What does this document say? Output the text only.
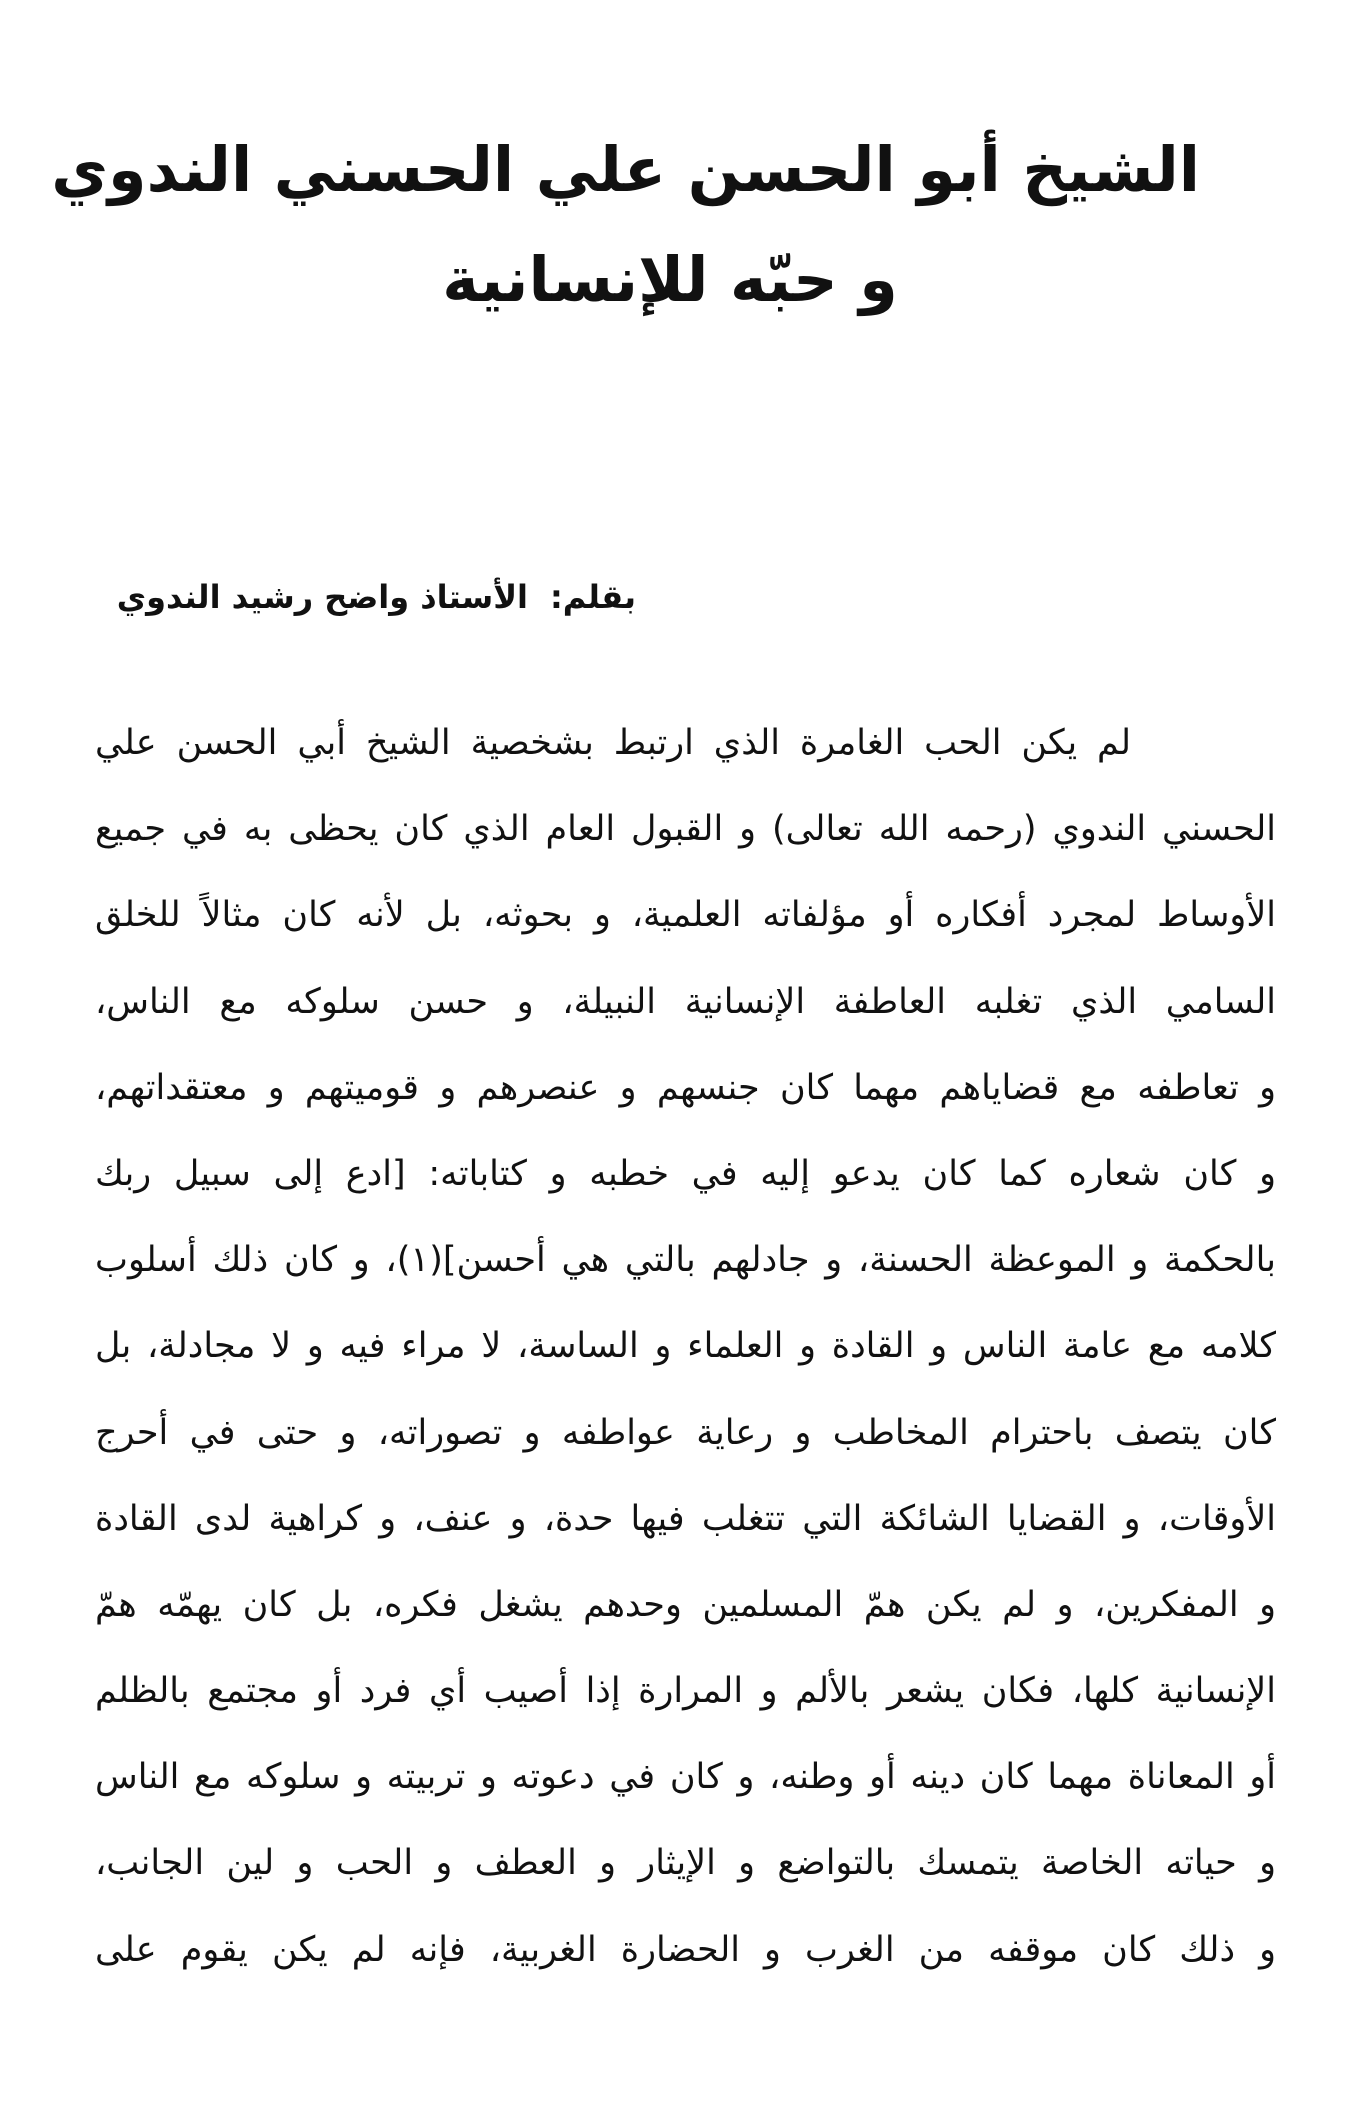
الشيخ أبو الحسن علي الحسني الندوي
و حبّه للإنسانية
بقلم:الأستاذ واضح رشيد الندوي
لم يكن الحب الغامرة الذي ارتبط بشخصية الشيخ أبي الحسن علي
الحسني الندوي (رحمه الله تعالى) و القبول العام الذي كان يحظى به في جميع
الأوساط لمجرد أفكاره أو مؤلفاته العلمية، و بحوثه، بل لأنه كان مثالاً للخلق
السامي الذي تغلبه العاطفة الإنسانية النبيلة، و حسن سلوكه مع الناس،
و تعاطفه مع قضاياهم مهما كان جنسهم و عنصرهم و قوميتهم و معتقداتهم،
و كان شعاره كما كان يدعو إليه في خطبه و كتاباته: [ادع إلى سبيل ربك
بالحكمة و الموعظة الحسنة، و جادلهم بالتي هي أحسن](١)، و كان ذلك أسلوب
كلامه مع عامة الناس و القادة و العلماء و الساسة، لا مراء فيه و لا مجادلة، بل
كان يتصف باحترام المخاطب و رعاية عواطفه و تصوراته، و حتى في أحرج
الأوقات، و القضايا الشائكة التي تتغلب فيها حدة، و عنف، و كراهية لدى القادة
و المفكرين، و لم يكن همّ المسلمين وحدهم يشغل فكره، بل كان يهمّه همّ
الإنسانية كلها، فكان يشعر بالألم و المرارة إذا أصيب أي فرد أو مجتمع بالظلم
أو المعاناة مهما كان دينه أو وطنه، و كان في دعوته و تربيته و سلوكه مع الناس
و حياته الخاصة يتمسك بالتواضع و الإيثار و العطف و الحب و لين الجانب،
و ذلك كان موقفه من الغرب و الحضارة الغربية، فإنه لم يكن يقوم على
